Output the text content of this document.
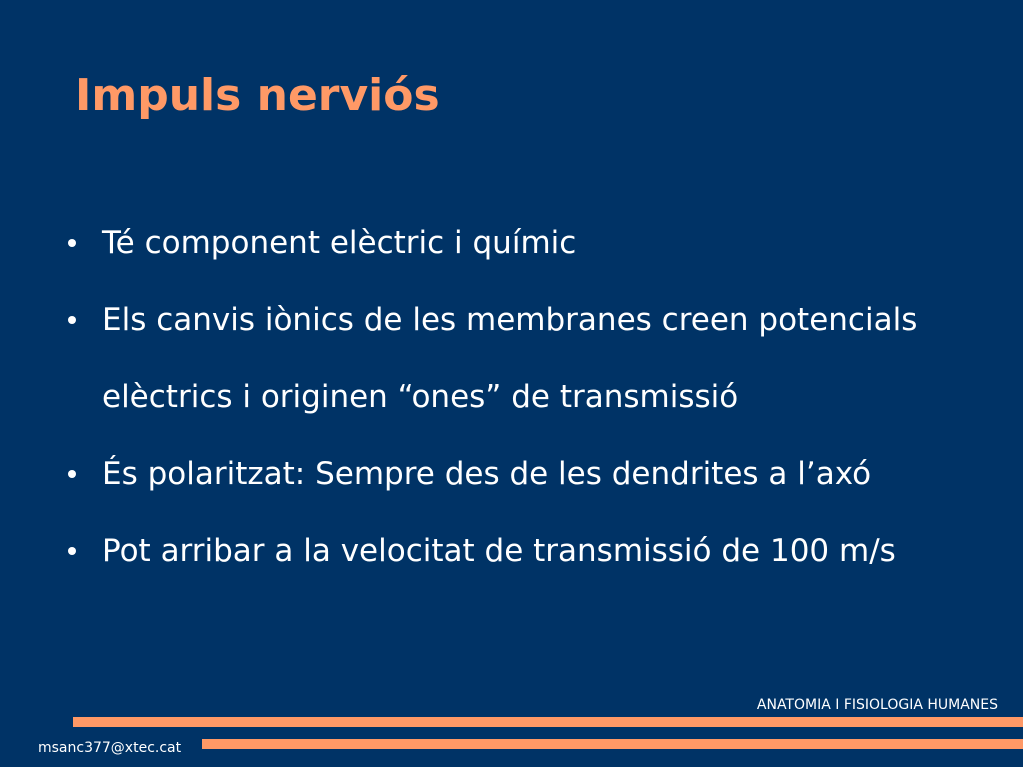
Impuls nerviós
Té component elèctric i químic
Els canvis iònics de les membranes creen potencials
elèctrics i originen “ones” de transmissió
És polaritzat: Sempre des de les dendrites a l’axó
Pot arribar a la velocitat de transmissió de 100 m/s
ANATOMIA I FISIOLOGIA HUMANES
msanc377@xtec.cat
